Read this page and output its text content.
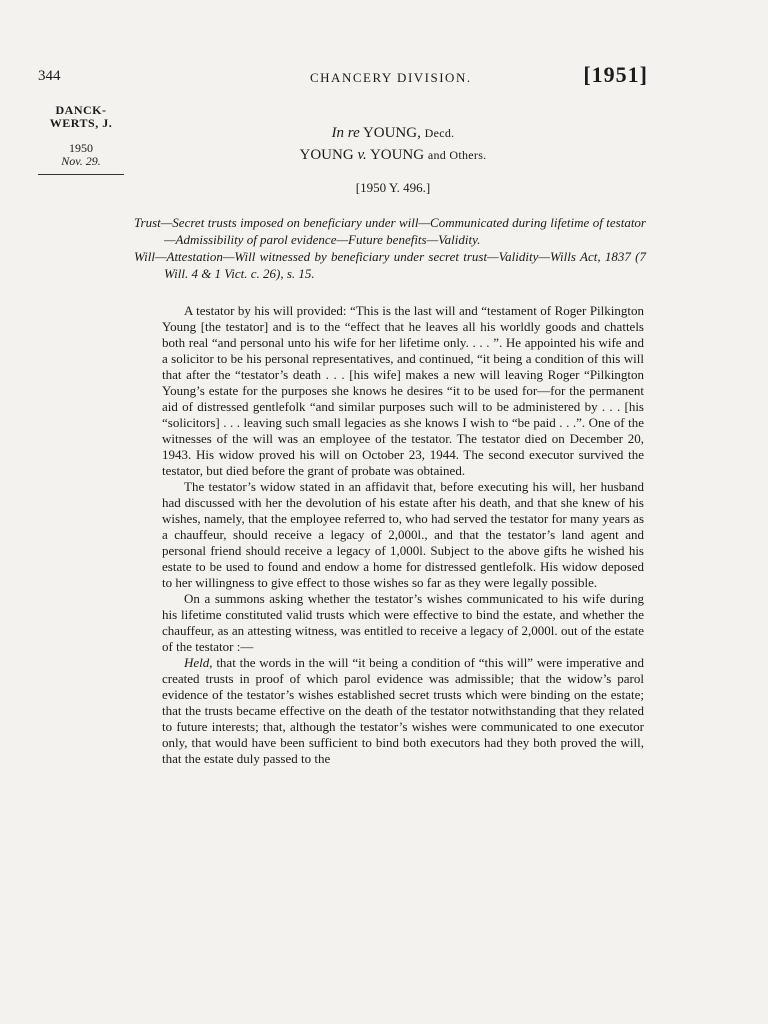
344	CHANCERY DIVISION.	[1951]
DANCK-
WERTS, J.
1950
Nov. 29.
In re YOUNG, Decd.
YOUNG v. YOUNG and Others.
[1950 Y. 496.]

Trust—Secret trusts imposed on beneficiary under will—Communicated during lifetime of testator—Admissibility of parol evidence—Future benefits—Validity.

Will—Attestation—Will witnessed by beneficiary under secret trust—Validity—Wills Act, 1837 (7 Will. 4 & 1 Vict. c. 26), s. 15.

A testator by his will provided: “This is the last will and “testament of Roger Pilkington Young [the testator] and is to the “effect that he leaves all his worldly goods and chattels both real “and personal unto his wife for her lifetime only. . . . ”. He appointed his wife and a solicitor to be his personal representatives, and continued, “it being a condition of this will that after the “testator’s death . . . [his wife] makes a new will leaving Roger “Pilkington Young’s estate for the purposes she knows he desires “it to be used for—for the permanent aid of distressed gentlefolk “and similar purposes such will to be administered by . . . [his “solicitors] . . . leaving such small legacies as she knows I wish to “be paid . . .”. One of the witnesses of the will was an employee of the testator. The testator died on December 20, 1943. His widow proved his will on October 23, 1944. The second executor survived the testator, but died before the grant of probate was obtained.

The testator’s widow stated in an affidavit that, before executing his will, her husband had discussed with her the devolution of his estate after his death, and that she knew of his wishes, namely, that the employee referred to, who had served the testator for many years as a chauffeur, should receive a legacy of 2,000l., and that the testator’s land agent and personal friend should receive a legacy of 1,000l. Subject to the above gifts he wished his estate to be used to found and endow a home for distressed gentlefolk. His widow deposed to her willingness to give effect to those wishes so far as they were legally possible.

On a summons asking whether the testator’s wishes communicated to his wife during his lifetime constituted valid trusts which were effective to bind the estate, and whether the chauffeur, as an attesting witness, was entitled to receive a legacy of 2,000l. out of the estate of the testator :—

Held, that the words in the will “it being a condition of “this will” were imperative and created trusts in proof of which parol evidence was admissible; that the widow’s parol evidence of the testator’s wishes established secret trusts which were binding on the estate; that the trusts became effective on the death of the testator notwithstanding that they related to future interests; that, although the testator’s wishes were communicated to one executor only, that would have been sufficient to bind both executors had they both proved the will, that the estate duly passed to the
